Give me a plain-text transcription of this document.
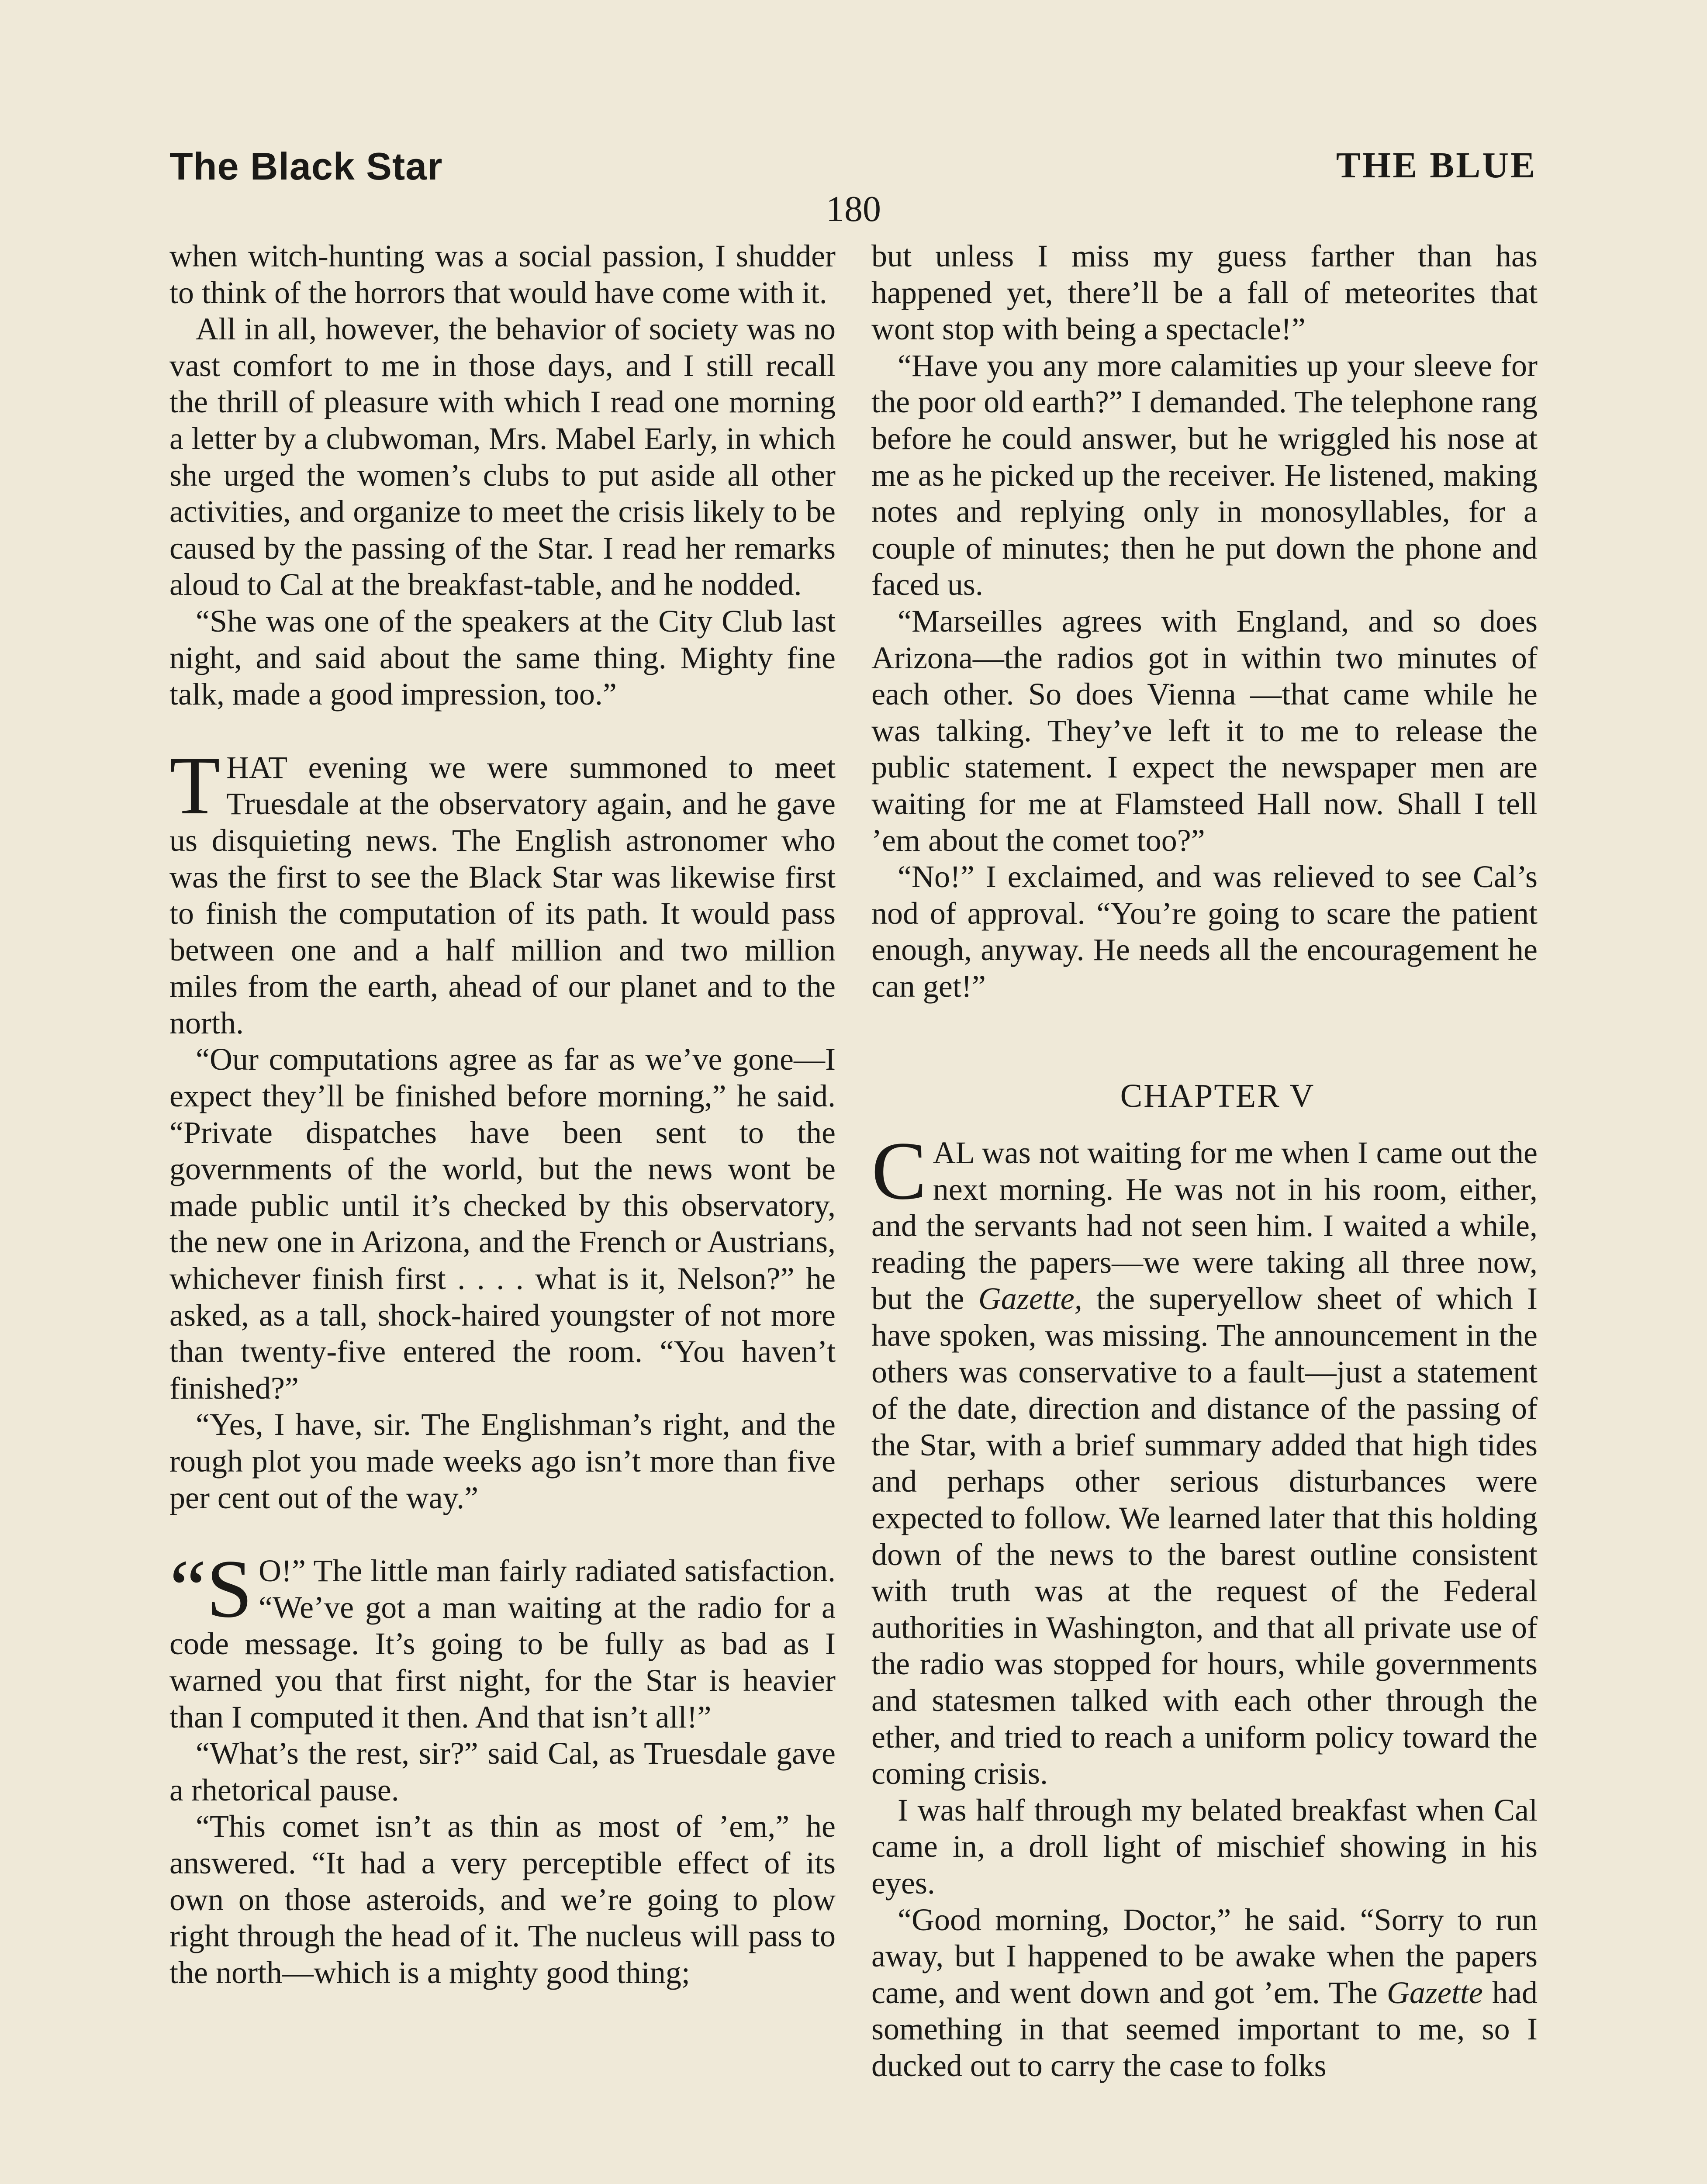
The Black Star	THE BLUE
180

when witch-hunting was a social passion, I shudder to think of the horrors that would have come with it.

All in all, however, the behavior of society was no vast comfort to me in those days, and I still recall the thrill of pleasure with which I read one morning a letter by a clubwoman, Mrs. Mabel Early, in which she urged the women’s clubs to put aside all other activities, and organize to meet the crisis likely to be caused by the passing of the Star. I read her remarks aloud to Cal at the breakfast-table, and he nodded.

“She was one of the speakers at the City Club last night, and said about the same thing. Mighty fine talk, made a good impression, too.”

THAT evening we were summoned to meet Truesdale at the observatory again, and he gave us disquieting news. The English astronomer who was the first to see the Black Star was likewise first to finish the computation of its path. It would pass between one and a half million and two million miles from the earth, ahead of our planet and to the north.

“Our computations agree as far as we’ve gone—I expect they’ll be finished before morning,” he said. “Private dispatches have been sent to the governments of the world, but the news wont be made public until it’s checked by this observatory, the new one in Arizona, and the French or Austrians, whichever finish first . . . . what is it, Nelson?” he asked, as a tall, shock-haired youngster of not more than twenty-five entered the room. “You haven’t finished?”

“Yes, I have, sir. The Englishman’s right, and the rough plot you made weeks ago isn’t more than five per cent out of the way.”

“S O!” The little man fairly radiated satisfaction. “We’ve got a man waiting at the radio for a code message. It’s going to be fully as bad as I warned you that first night, for the Star is heavier than I computed it then. And that isn’t all!”

“What’s the rest, sir?” said Cal, as Truesdale gave a rhetorical pause.

“This comet isn’t as thin as most of ’em,” he answered. “It had a very perceptible effect of its own on those asteroids, and we’re going to plow right through the head of it. The nucleus will pass to the north—which is a mighty good thing;

but unless I miss my guess farther than has happened yet, there’ll be a fall of meteorites that wont stop with being a spectacle!”

“Have you any more calamities up your sleeve for the poor old earth?” I demanded. The telephone rang before he could answer, but he wriggled his nose at me as he picked up the receiver. He listened, making notes and replying only in monosyllables, for a couple of minutes; then he put down the phone and faced us.

“Marseilles agrees with England, and so does Arizona—the radios got in within two minutes of each other. So does Vienna —that came while he was talking. They’ve left it to me to release the public statement. I expect the newspaper men are waiting for me at Flamsteed Hall now. Shall I tell ’em about the comet too?”

“No!” I exclaimed, and was relieved to see Cal’s nod of approval. “You’re going to scare the patient enough, anyway. He needs all the encouragement he can get!”

CHAPTER V

CAL was not waiting for me when I came out the next morning. He was not in his room, either, and the servants had not seen him. I waited a while, reading the papers—we were taking all three now, but the Gazette, the superyellow sheet of which I have spoken, was missing. The announcement in the others was conservative to a fault—just a statement of the date, direction and distance of the passing of the Star, with a brief summary added that high tides and perhaps other serious disturbances were expected to follow. We learned later that this holding down of the news to the barest outline consistent with truth was at the request of the Federal authorities in Washington, and that all private use of the radio was stopped for hours, while governments and statesmen talked with each other through the ether, and tried to reach a uniform policy toward the coming crisis.

I was half through my belated breakfast when Cal came in, a droll light of mischief showing in his eyes.

“Good morning, Doctor,” he said. “Sorry to run away, but I happened to be awake when the papers came, and went down and got ’em. The Gazette had something in that seemed important to me, so I ducked out to carry the case to folks
